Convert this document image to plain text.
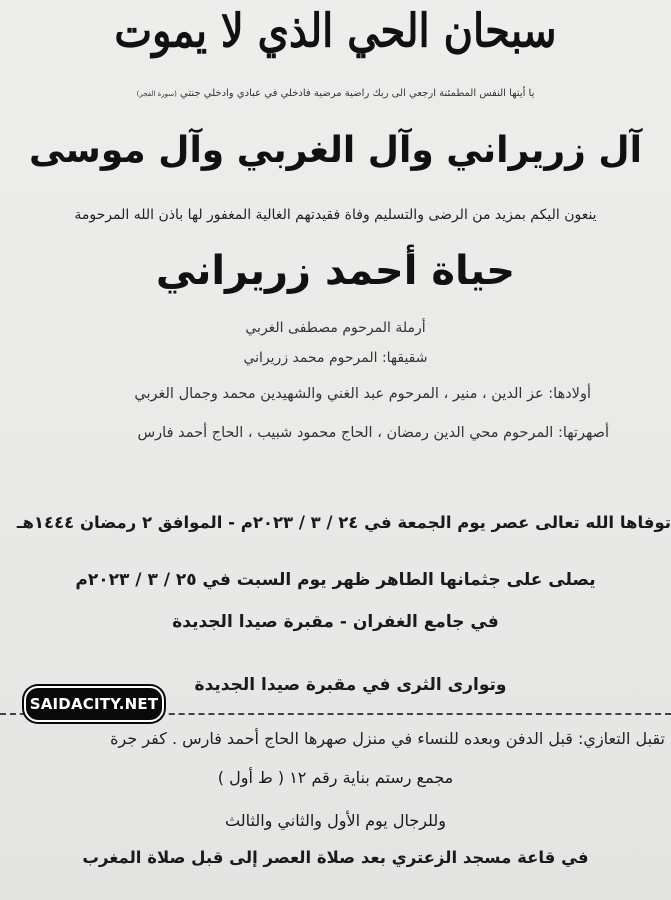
سبحان الحي الذي لا يموت
يا أيتها النفس المطمئنة ارجعي الى ربك راضية مرضية فادخلي في عبادي وادخلي جنتي (سورة الفجر)
آل زريراني وآل الغربي وآل موسى
ينعون اليكم بمزيد من الرضى والتسليم وفاة فقيدتهم الغالية المغفور لها باذن الله المرحومة
حياة أحمد زريراني
أرملة المرحوم مصطفى الغربي
شقيقها: المرحوم محمد زريراني
أولادها: عز الدين ، منير ، المرحوم عبد الغني والشهيدين محمد وجمال الغربي
أصهرتها: المرحوم محي الدين رمضان ، الحاج محمود شبيب ، الحاج أحمد فارس
توفاها الله تعالى عصر يوم الجمعة في ٢٤ / ٣ / ٢٠٢٣م - الموافق ٢ رمضان ١٤٤٤هـ
يصلى على جثمانها الطاهر ظهر يوم السبت في ٢٥ / ٣ / ٢٠٢٣م
في جامع الغفران - مقبرة صيدا الجديدة
وتوارى الثرى في مقبرة صيدا الجديدة
تقبل التعازي: قبل الدفن وبعده للنساء في منزل صهرها الحاج أحمد فارس . كفر جرة
مجمع رستم بناية رقم ١٢ ( ط أول )
وللرجال يوم الأول والثاني والثالث
في قاعة مسجد الزعتري بعد صلاة العصر إلى قبل صلاة المغرب
SAIDACITY.NET
